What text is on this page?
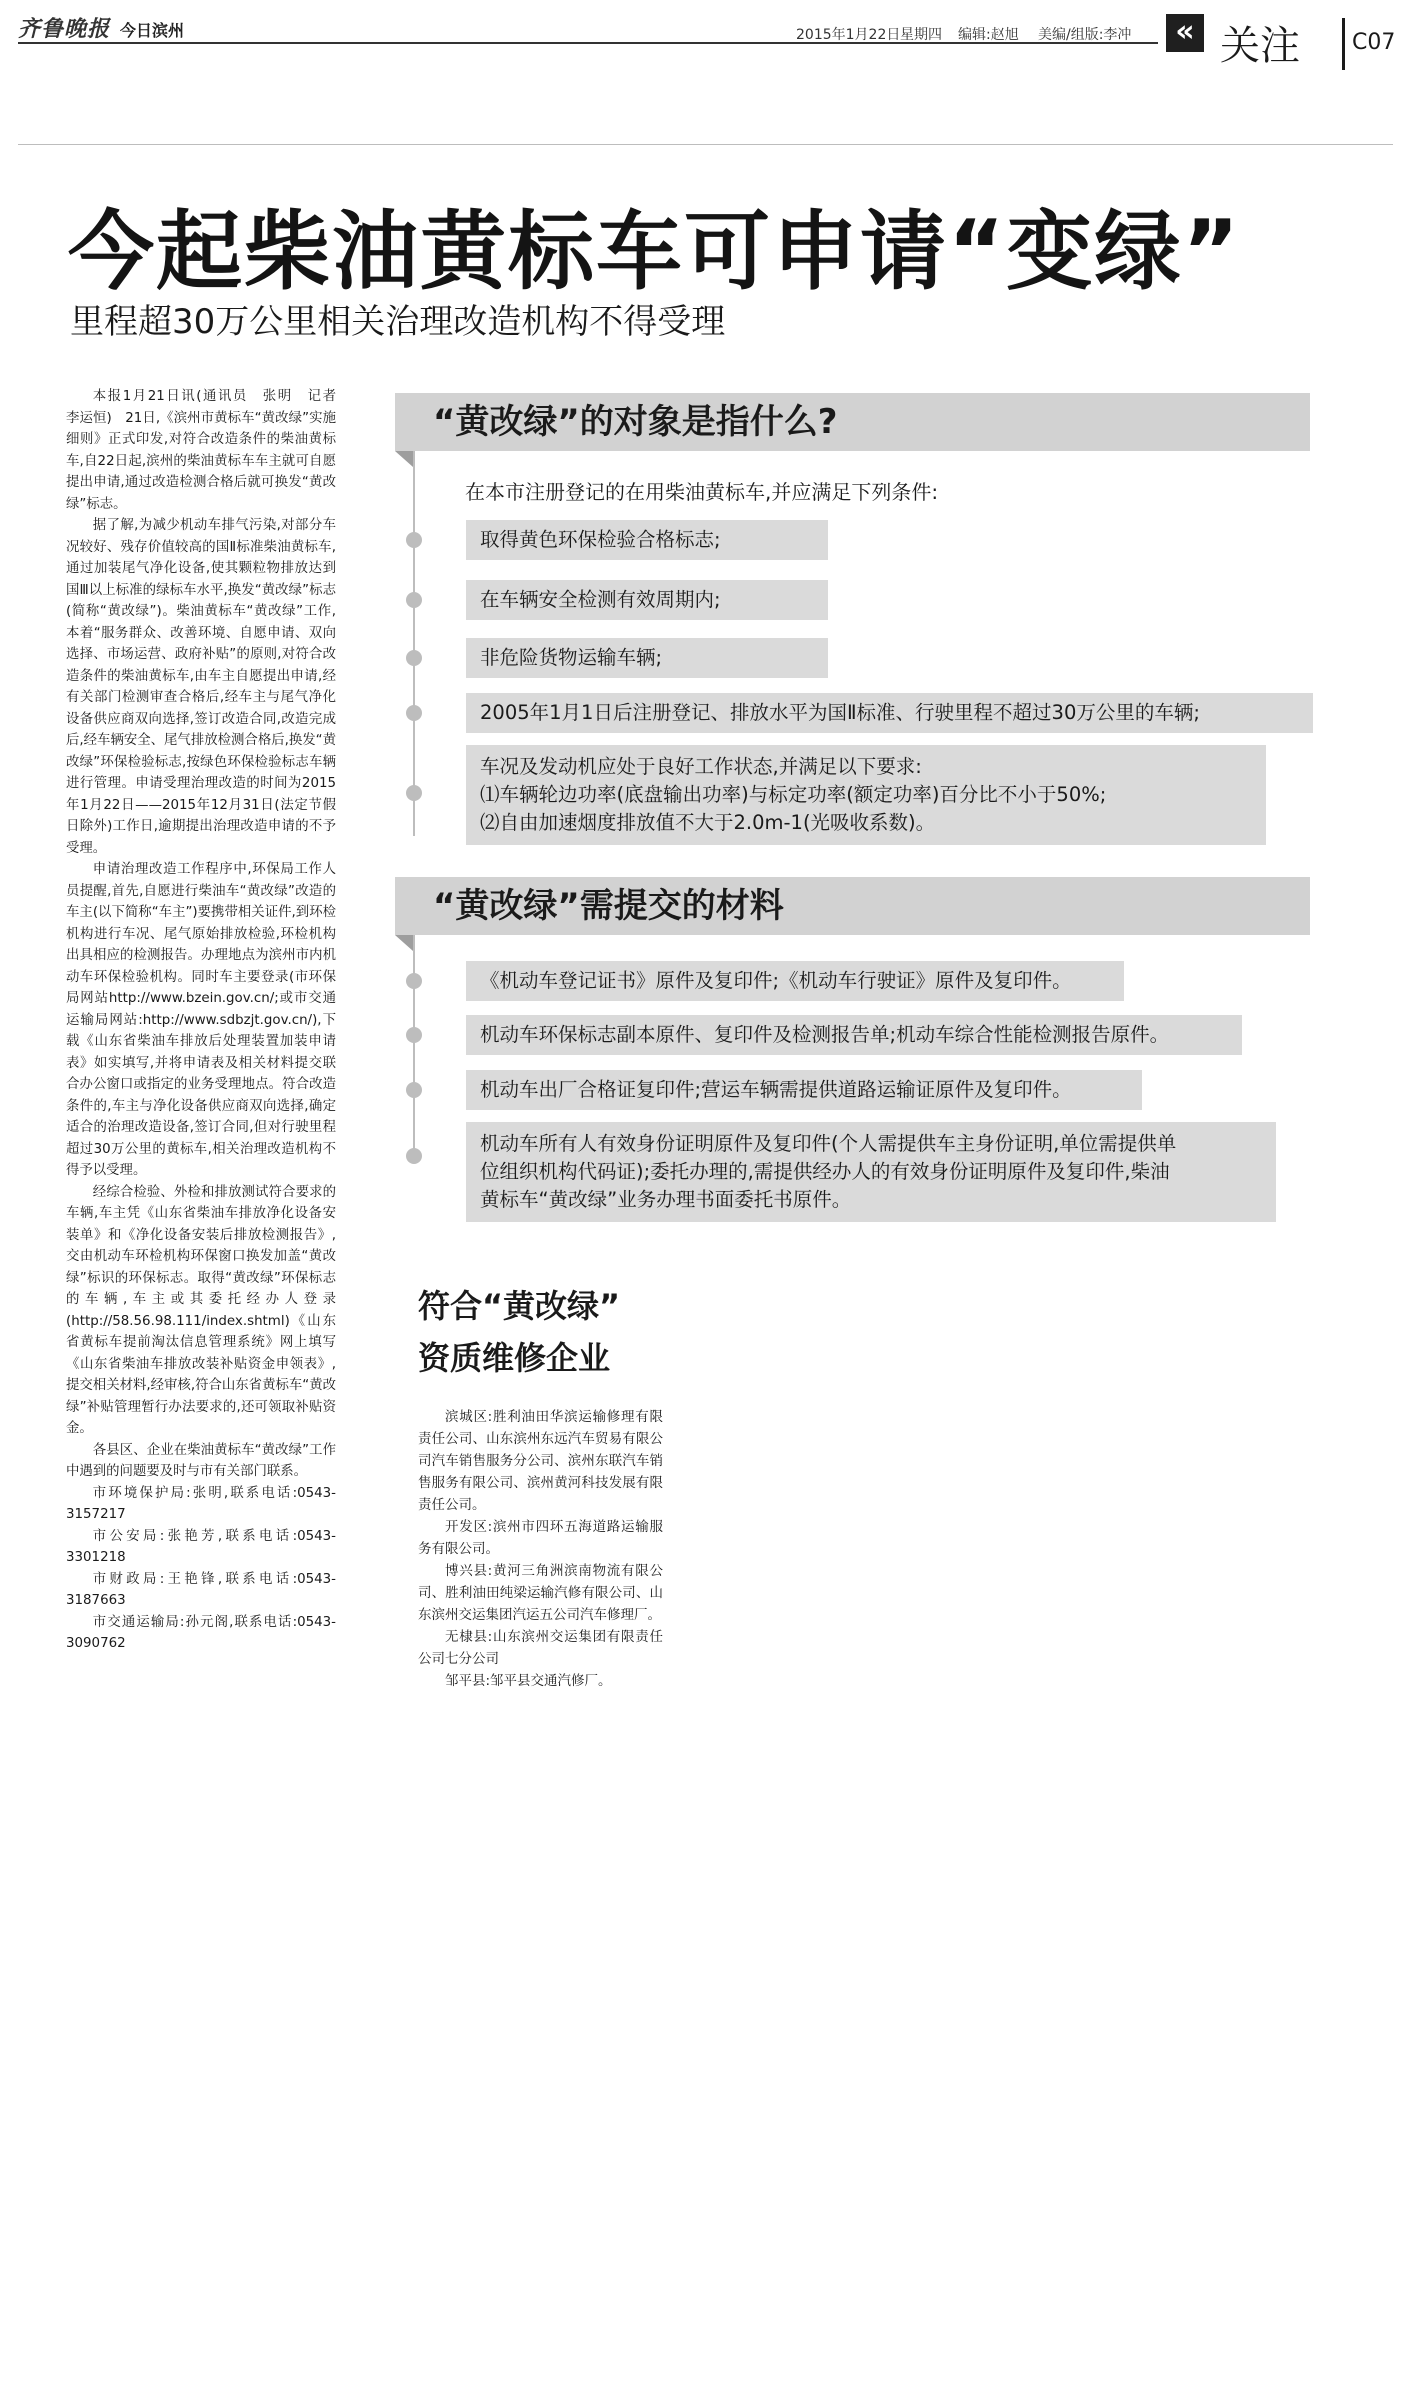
齐鲁晚报 今日滨州	2015年1月22日 星期四 编辑:赵旭 美编/组版:李冲	« 关注 C07
今起柴油黄标车可申请“变绿”
里程超30万公里相关治理改造机构不得受理

本报1月21日讯(通讯员　张明　记者　李运恒)　21日,《滨州市黄标车“黄改绿”实施细则》正式印发,对符合改造条件的柴油黄标车,自22日起,滨州的柴油黄标车车主就可自愿提出申请,通过改造检测合格后就可换发“黄改绿”标志。

据了解,为减少机动车排气污染,对部分车况较好、残存价值较高的国Ⅱ标准柴油黄标车,通过加装尾气净化设备,使其颗粒物排放达到国Ⅲ以上标准的绿标车水平,换发“黄改绿”标志(简称“黄改绿”)。柴油黄标车“黄改绿”工作,本着“服务群众、改善环境、自愿申请、双向选择、市场运营、政府补贴”的原则,对符合改造条件的柴油黄标车,由车主自愿提出申请,经有关部门检测审查合格后,经车主与尾气净化设备供应商双向选择,签订改造合同,改造完成后,经车辆安全、尾气排放检测合格后,换发“黄改绿”环保检验标志,按绿色环保检验标志车辆进行管理。申请受理治理改造的时间为2015年1月22日——2015年12月31日(法定节假日除外)工作日,逾期提出治理改造申请的不予受理。

申请治理改造工作程序中,环保局工作人员提醒,首先,自愿进行柴油车“黄改绿”改造的车主(以下简称“车主”)要携带相关证件,到环检机构进行车况、尾气原始排放检验,环检机构出具相应的检测报告。办理地点为滨州市内机动车环保检验机构。同时车主要登录(市环保局网站http://www.bzein.gov.cn/;或市交通运输局网站:http://www.sdbzjt.gov.cn/),下载《山东省柴油车排放后处理装置加装申请表》如实填写,并将申请表及相关材料提交联合办公窗口或指定的业务受理地点。符合改造条件的,车主与净化设备供应商双向选择,确定适合的治理改造设备,签订合同,但对行驶里程超过30万公里的黄标车,相关治理改造机构不得予以受理。

经综合检验、外检和排放测试符合要求的车辆,车主凭《山东省柴油车排放净化设备安装单》和《净化设备安装后排放检测报告》,交由机动车环检机构环保窗口换发加盖“黄改绿”标识的环保标志。取得“黄改绿”环保标志的车辆,车主或其委托经办人登录(http://58.56.98.111/index.shtml)《山东省黄标车提前淘汰信息管理系统》网上填写《山东省柴油车排放改装补贴资金申领表》,提交相关材料,经审核,符合山东省黄标车“黄改绿”补贴管理暂行办法要求的,还可领取补贴资金。

各县区、企业在柴油黄标车“黄改绿”工作中遇到的问题要及时与市有关部门联系。

市环境保护局:张明,联系电话:0543-3157217

市公安局:张艳芳,联系电话:0543-3301218

市财政局:王艳锋,联系电话:0543-3187663

市交通运输局:孙元阁,联系电话:0543-3090762

“黄改绿”的对象是指什么?
在本市注册登记的在用柴油黄标车,并应满足下列条件:
取得黄色环保检验合格标志;
在车辆安全检测有效周期内;
非危险货物运输车辆;
2005年1月1日后注册登记、排放水平为国Ⅱ标准、行驶里程不超过30万公里的车辆;
车况及发动机应处于良好工作状态,并满足以下要求:
⑴车辆轮边功率(底盘输出功率)与标定功率(额定功率)百分比不小于50%;
⑵自由加速烟度排放值不大于2.0m-1(光吸收系数)。
“黄改绿”需提交的材料
《机动车登记证书》原件及复印件;《机动车行驶证》原件及复印件。
机动车环保标志副本原件、复印件及检测报告单;机动车综合性能检测报告原件。
机动车出厂合格证复印件;营运车辆需提供道路运输证原件及复印件。
机动车所有人有效身份证明原件及复印件(个人需提供车主身份证明,单位需提供单
位组织机构代码证);委托办理的,需提供经办人的有效身份证明原件及复印件,柴油
黄标车“黄改绿”业务办理书面委托书原件。
符合“黄改绿”
资质维修企业

滨城区:胜利油田华滨运输修理有限责任公司、山东滨州东远汽车贸易有限公司汽车销售服务分公司、滨州东联汽车销售服务有限公司、滨州黄河科技发展有限责任公司。

开发区:滨州市四环五海道路运输服务有限公司。

博兴县:黄河三角洲滨南物流有限公司、胜利油田纯梁运输汽修有限公司、山东滨州交运集团汽运五公司汽车修理厂。

无棣县:山东滨州交运集团有限责任公司七分公司

邹平县:邹平县交通汽修厂。
